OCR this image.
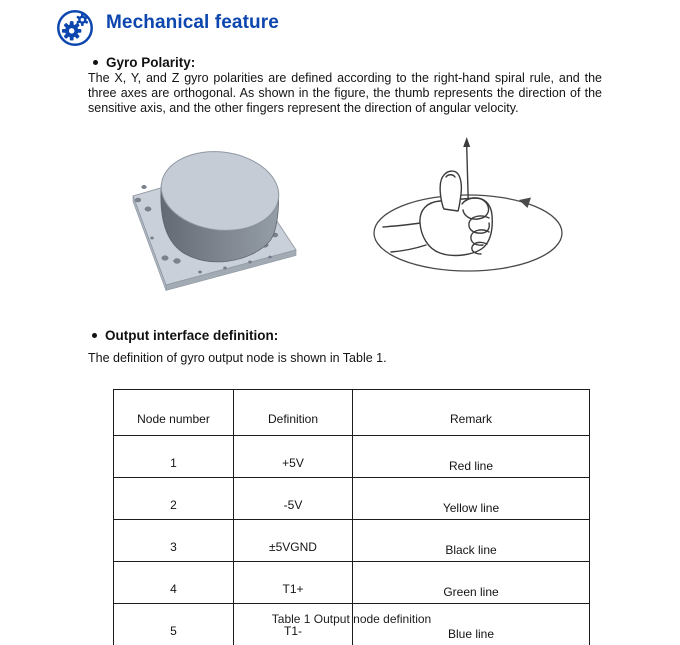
Mechanical feature
Gyro Polarity:

The X, Y, and Z gyro polarities are defined according to the right-hand spiral rule, and the three axes are orthogonal. As shown in the figure, the thumb represents the direction of the sensitive axis, and the other fingers represent the direction of angular velocity.

Output interface definition:

The definition of gyro output node is shown in Table 1.

Node number	Definition	Remark
1	+5V	Red line
2	-5V	Yellow line
3	±5VGND	Black line
4	T1+	Green line
5	T1-	Blue line
Table 1 Output node definition
